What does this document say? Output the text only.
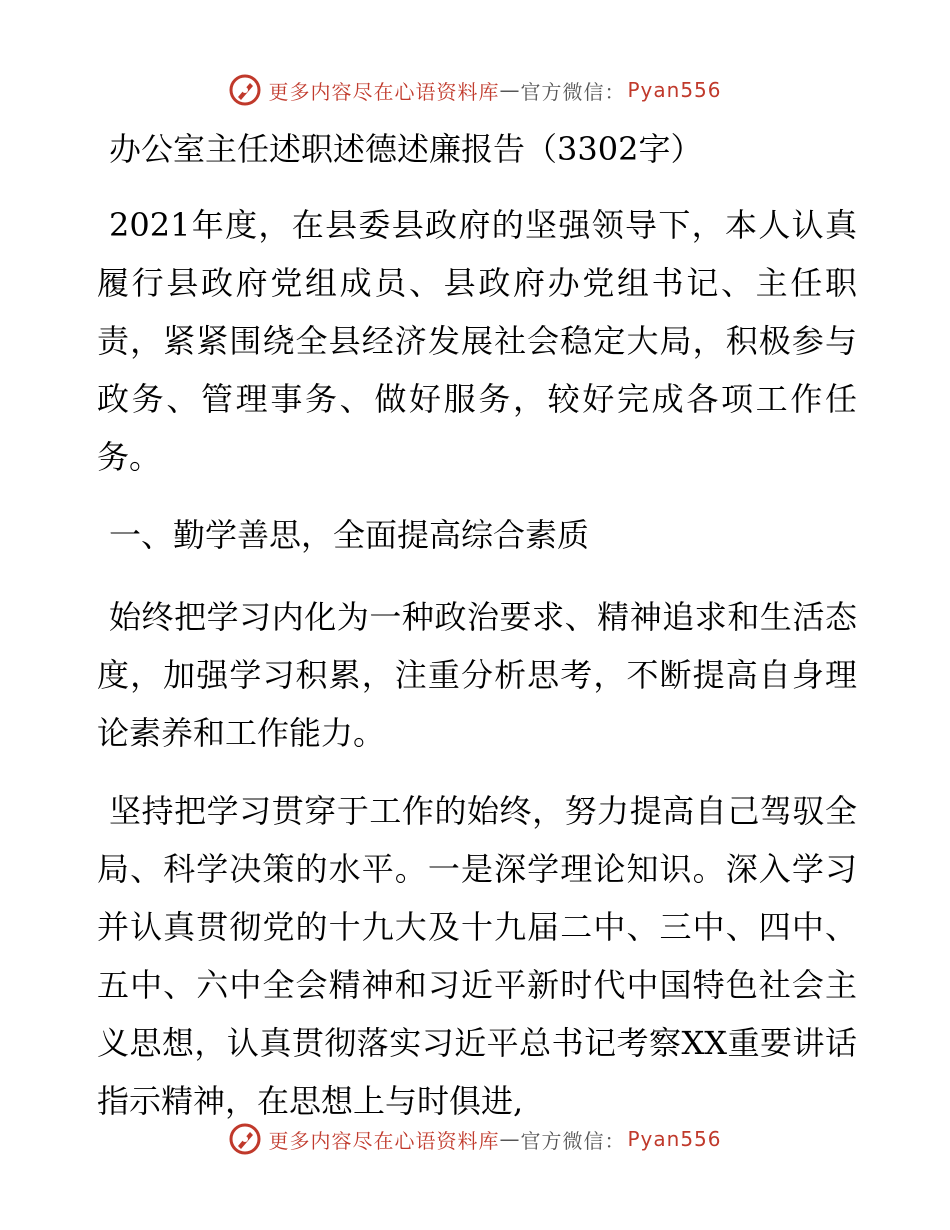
更多内容尽在心语资料库 — 官方微信： Pyan556

办公室主任述职述德述廉报告（3302字）

2021年度，在县委县政府的坚强领导下，本人认真履行县政府党组成员、县政府办党组书记、主任职责，紧紧围绕全县经济发展社会稳定大局，积极参与政务、管理事务、做好服务，较好完成各项工作任务。

一、勤学善思，全面提高综合素质

始终把学习内化为一种政治要求、精神追求和生活态度，加强学习积累，注重分析思考，不断提高自身理论素养和工作能力。

坚持把学习贯穿于工作的始终，努力提高自己驾驭全局、科学决策的水平。一是深学理论知识。深入学习并认真贯彻党的十九大及十九届二中、三中、四中、五中、六中全会精神和习近平新时代中国特色社会主义思想，认真贯彻落实习近平总书记考察XX重要讲话指示精神，在思想上与时俱进,

更多内容尽在心语资料库 — 官方微信： Pyan556
